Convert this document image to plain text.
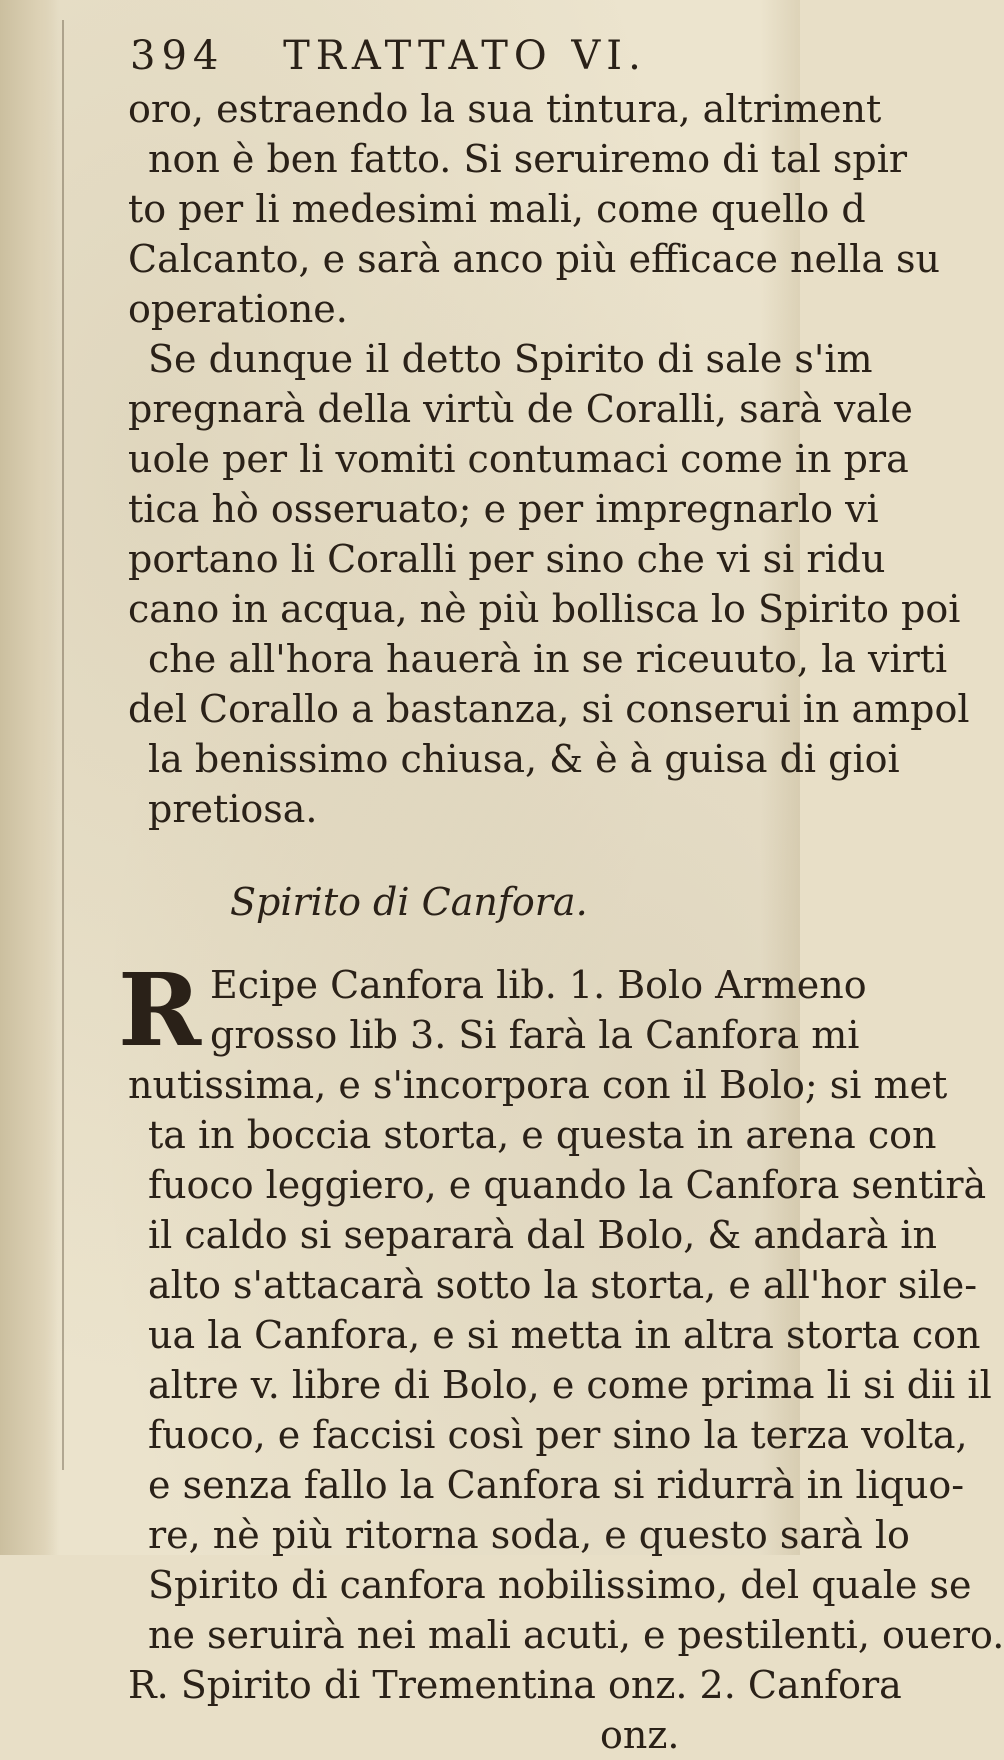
394 TRATTATO VI.
oro, estraendo la sua tintura, altriment
non è ben fatto. Si seruiremo di tal spir
to per li medesimi mali, come quello d
Calcanto, e sarà anco più efficace nella su
operatione.
Se dunque il detto Spirito di sale s'im
pregnarà della virtù de Coralli, sarà vale
uole per li vomiti contumaci come in pra
tica hò osseruato; e per impregnarlo vi
portano li Coralli per sino che vi si ridu
cano in acqua, nè più bollisca lo Spirito poi
che all'hora hauerà in se riceuuto, la virti
del Corallo a bastanza, si conserui in ampol
la benissimo chiusa, & è à guisa di gioi
pretiosa.
Spirito di Canfora.
R Ecipe Canfora lib. 1. Bolo Armeno
grosso lib 3. Si farà la Canfora mi
nutissima, e s'incorpora con il Bolo; si met
ta in boccia storta, e questa in arena con
fuoco leggiero, e quando la Canfora sentirà
il caldo si separarà dal Bolo, & andarà in
alto s'attacarà sotto la storta, e all'hor sile-
ua la Canfora, e si metta in altra storta con
altre v. libre di Bolo, e come prima li si dii il
fuoco, e faccisi così per sino la terza volta,
e senza fallo la Canfora si ridurrà in liquo-
re, nè più ritorna soda, e questo sarà lo
Spirito di canfora nobilissimo, del quale se
ne seruirà nei mali acuti, e pestilenti, ouero.
R. Spirito di Trementina onz. 2. Canfora
onz.
